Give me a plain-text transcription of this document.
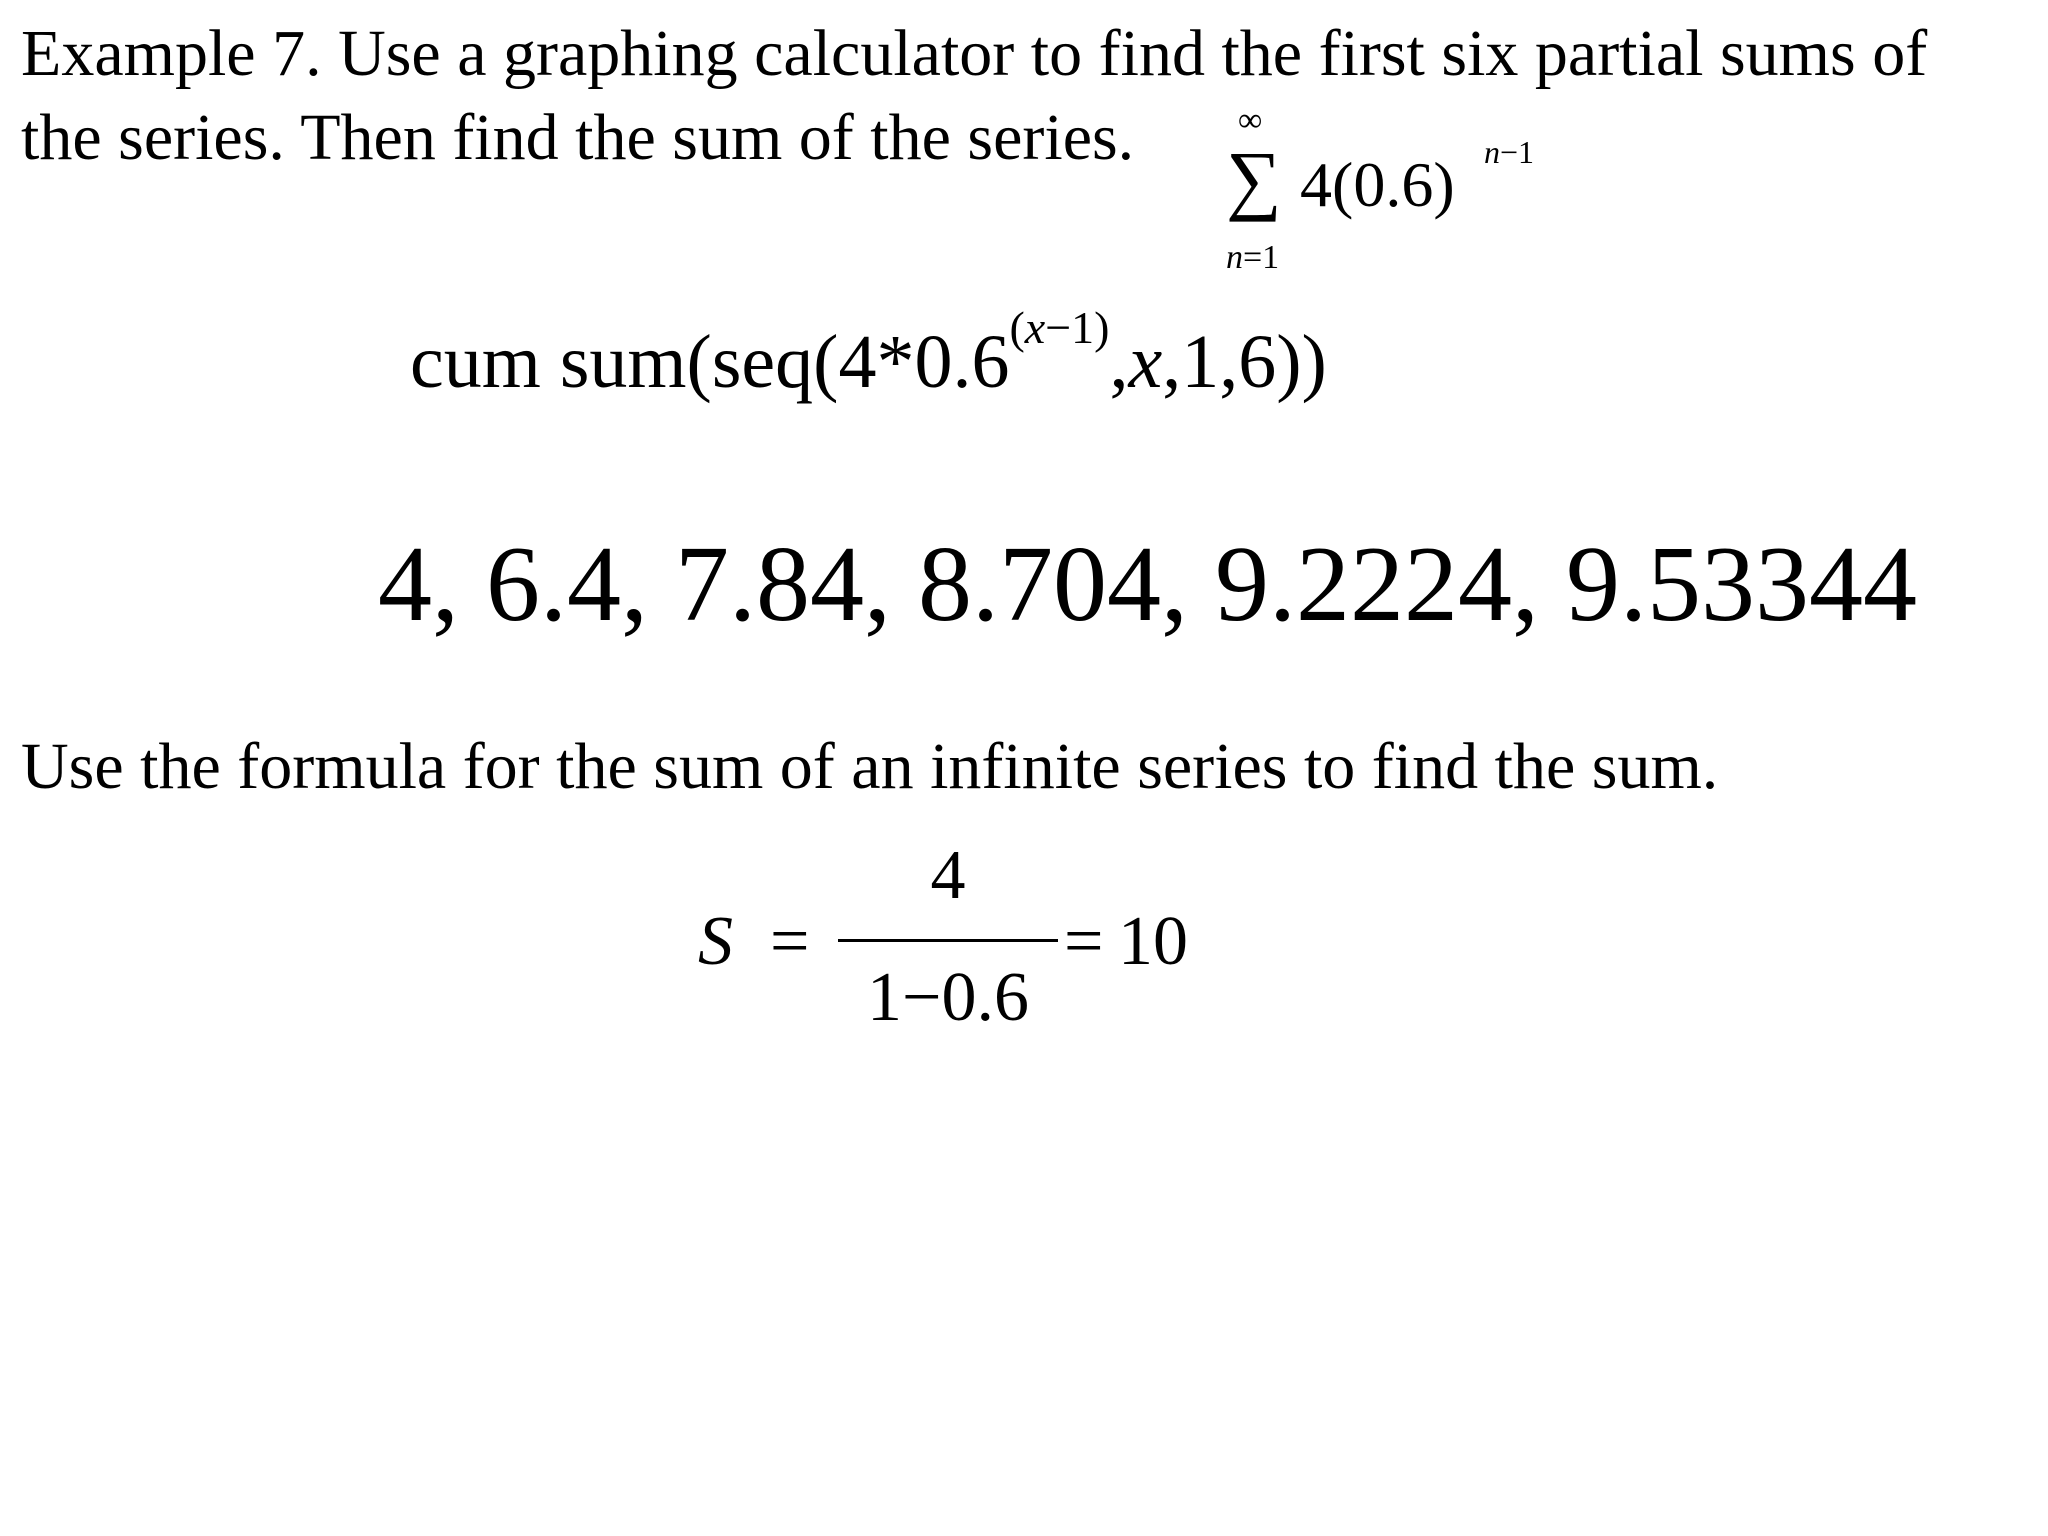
Example 7. Use a graphing calculator to find the first six partial sums of

the series. Then find the sum of the series.	∞
∑
n=1
4(0.6) n−1
cum sum(seq(4*0.6(x−1),x,1,6))
4, 6.4, 7.84, 8.704, 9.2224, 9.53344

Use the formula for the sum of an infinite series to find the sum.

S =
4
1−0.6
= 10
